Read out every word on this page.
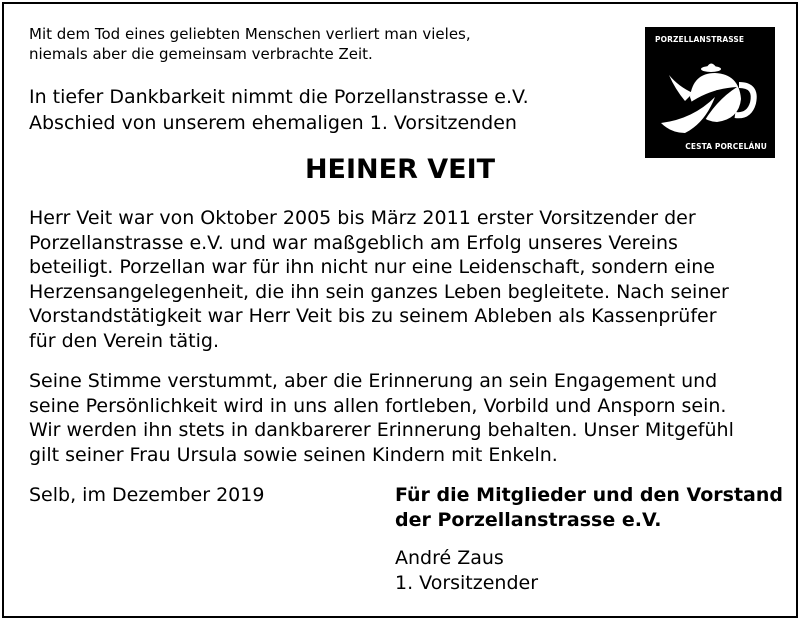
Mit dem Tod eines geliebten Menschen verliert man vieles,
niemals aber die gemeinsam verbrachte Zeit.
In tiefer Dankbarkeit nimmt die Porzellanstrasse e.V.
Abschied von unserem ehemaligen 1. Vorsitzenden
PORZELLANSTRASSE
CESTA PORCELÁNU
HEINER VEIT
Herr Veit war von Oktober 2005 bis März 2011 erster Vorsitzender der
Porzellanstrasse e.V. und war maßgeblich am Erfolg unseres Vereins
beteiligt. Porzellan war für ihn nicht nur eine Leidenschaft, sondern eine
Herzensangelegenheit, die ihn sein ganzes Leben begleitete. Nach seiner
Vorstandstätigkeit war Herr Veit bis zu seinem Ableben als Kassenprüfer
für den Verein tätig.
Seine Stimme verstummt, aber die Erinnerung an sein Engagement und
seine Persönlichkeit wird in uns allen fortleben, Vorbild und Ansporn sein.
Wir werden ihn stets in dankbarerer Erinnerung behalten. Unser Mitgefühl
gilt seiner Frau Ursula sowie seinen Kindern mit Enkeln.
Selb, im Dezember 2019	Für die Mitglieder und den Vorstand
der Porzellanstrasse e.V.
André Zaus
1. Vorsitzender
